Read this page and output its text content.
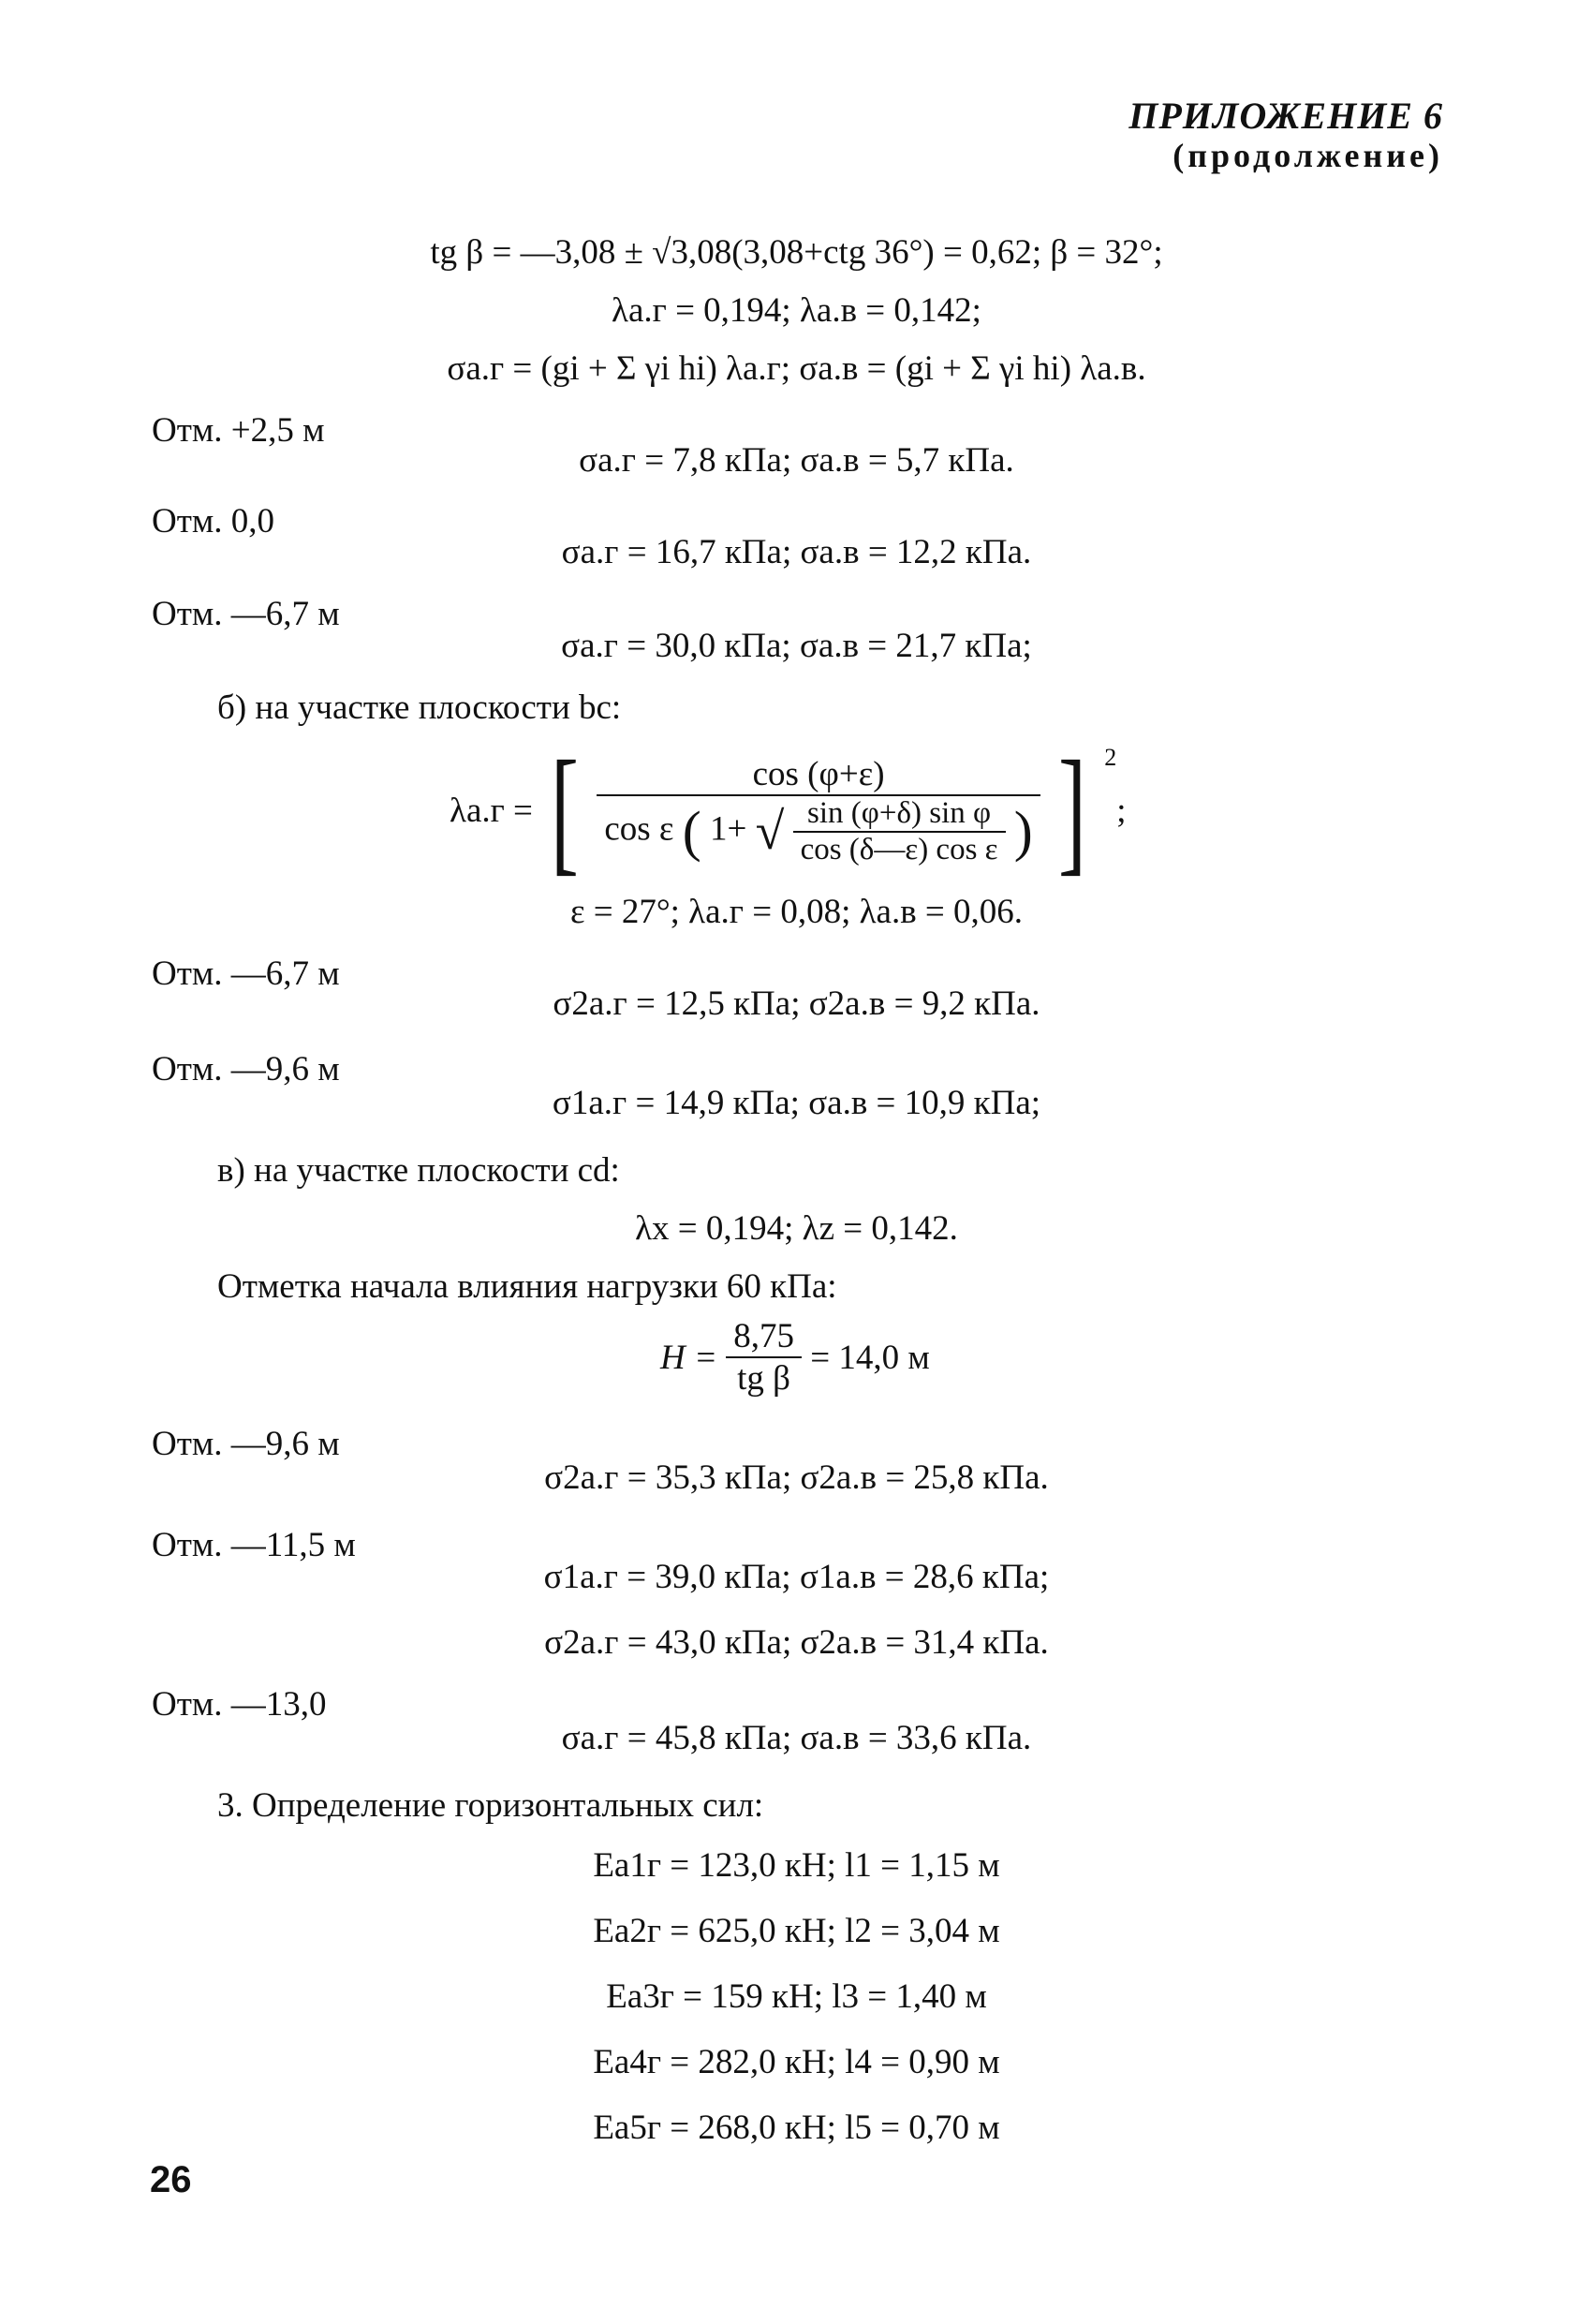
ПРИЛОЖЕНИЕ 6
(продолжение)
tg β = —3,08 ± √3,08(3,08+ctg 36°) = 0,62; β = 32°;
λа.г = 0,194; λа.в = 0,142;
σа.г = (gi + Σ γi hi) λа.г; σа.в = (gi + Σ γi hi) λа.в.
Отм. +2,5 м
σа.г = 7,8 кПа; σа.в = 5,7 кПа.
Отм. 0,0
σа.г = 16,7 кПа; σа.в = 12,2 кПа.
Отм. —6,7 м
σа.г = 30,0 кПа; σа.в = 21,7 кПа;
б) на участке плоскости bc:
λа.г = [	cos (φ+ε)
cos ε ( 1+ √ $\frac{\text{sin (φ+δ) sin φ}}{\text{cos (δ—ε) cos ε}}$ ) ] 2;
ε = 27°; λа.г = 0,08; λа.в = 0,06.
Отм. —6,7 м
σ2а.г = 12,5 кПа; σ2а.в = 9,2 кПа.
Отм. —9,6 м
σ1а.г = 14,9 кПа; σа.в = 10,9 кПа;
в) на участке плоскости cd:
λx = 0,194; λz = 0,142.
Отметка начала влияния нагрузки 60 кПа:
$H = \frac{8,75}{\text{tg β}} = 14,0$ м
Отм. —9,6 м
σ2а.г = 35,3 кПа; σ2а.в = 25,8 кПа.
Отм. —11,5 м
σ1а.г = 39,0 кПа; σ1а.в = 28,6 кПа;
σ2а.г = 43,0 кПа; σ2а.в = 31,4 кПа.
Отм. —13,0
σа.г = 45,8 кПа; σа.в = 33,6 кПа.
3. Определение горизонтальных сил:
Ea1г = 123,0 кН; l1 = 1,15 м
Ea2г = 625,0 кН; l2 = 3,04 м
Ea3г = 159 кН; l3 = 1,40 м
Ea4г = 282,0 кН; l4 = 0,90 м
Ea5г = 268,0 кН; l5 = 0,70 м
26
